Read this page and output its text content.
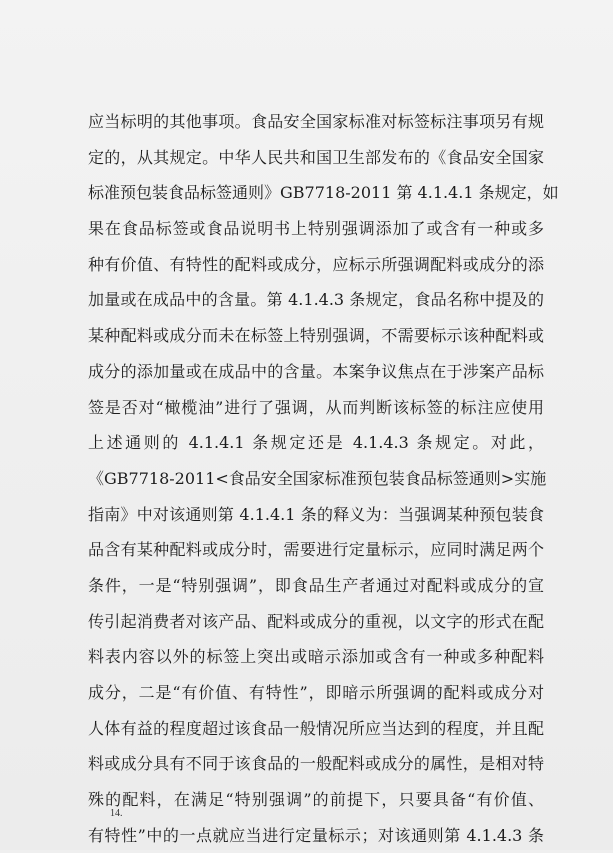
应当标明的其他事项。食品安全国家标准对标签标注事项另有规
定的，从其规定。中华人民共和国卫生部发布的《食品安全国家
标准预包装食品标签通则》GB7718-2011 第 4.1.4.1 条规定，如
果在食品标签或食品说明书上特别强调添加了或含有一种或多
种有价值、有特性的配料或成分，应标示所强调配料或成分的添
加量或在成品中的含量。第 4.1.4.3 条规定，食品名称中提及的
某种配料或成分而未在标签上特别强调，不需要标示该种配料或
成分的添加量或在成品中的含量。本案争议焦点在于涉案产品标
签是否对“橄榄油”进行了强调，从而判断该标签的标注应使用
上述通则的 4.1.4.1 条规定还是 4.1.4.3 条规定。对此，
《GB7718-2011<食品安全国家标准预包装食品标签通则>实施
指南》中对该通则第 4.1.4.1 条的释义为：当强调某种预包装食
品含有某种配料或成分时，需要进行定量标示，应同时满足两个
条件，一是“特别强调”，即食品生产者通过对配料或成分的宣
传引起消费者对该产品、配料或成分的重视，以文字的形式在配
料表内容以外的标签上突出或暗示添加或含有一种或多种配料
成分，二是“有价值、有特性”，即暗示所强调的配料或成分对
人体有益的程度超过该食品一般情况所应当达到的程度，并且配
料或成分具有不同于该食品的一般配料或成分的属性，是相对特
殊的配料，在满足“特别强调”的前提下，只要具备“有价值、
有特性”中的一点就应当进行定量标示；对该通则第 4.1.4.3 条
14.
